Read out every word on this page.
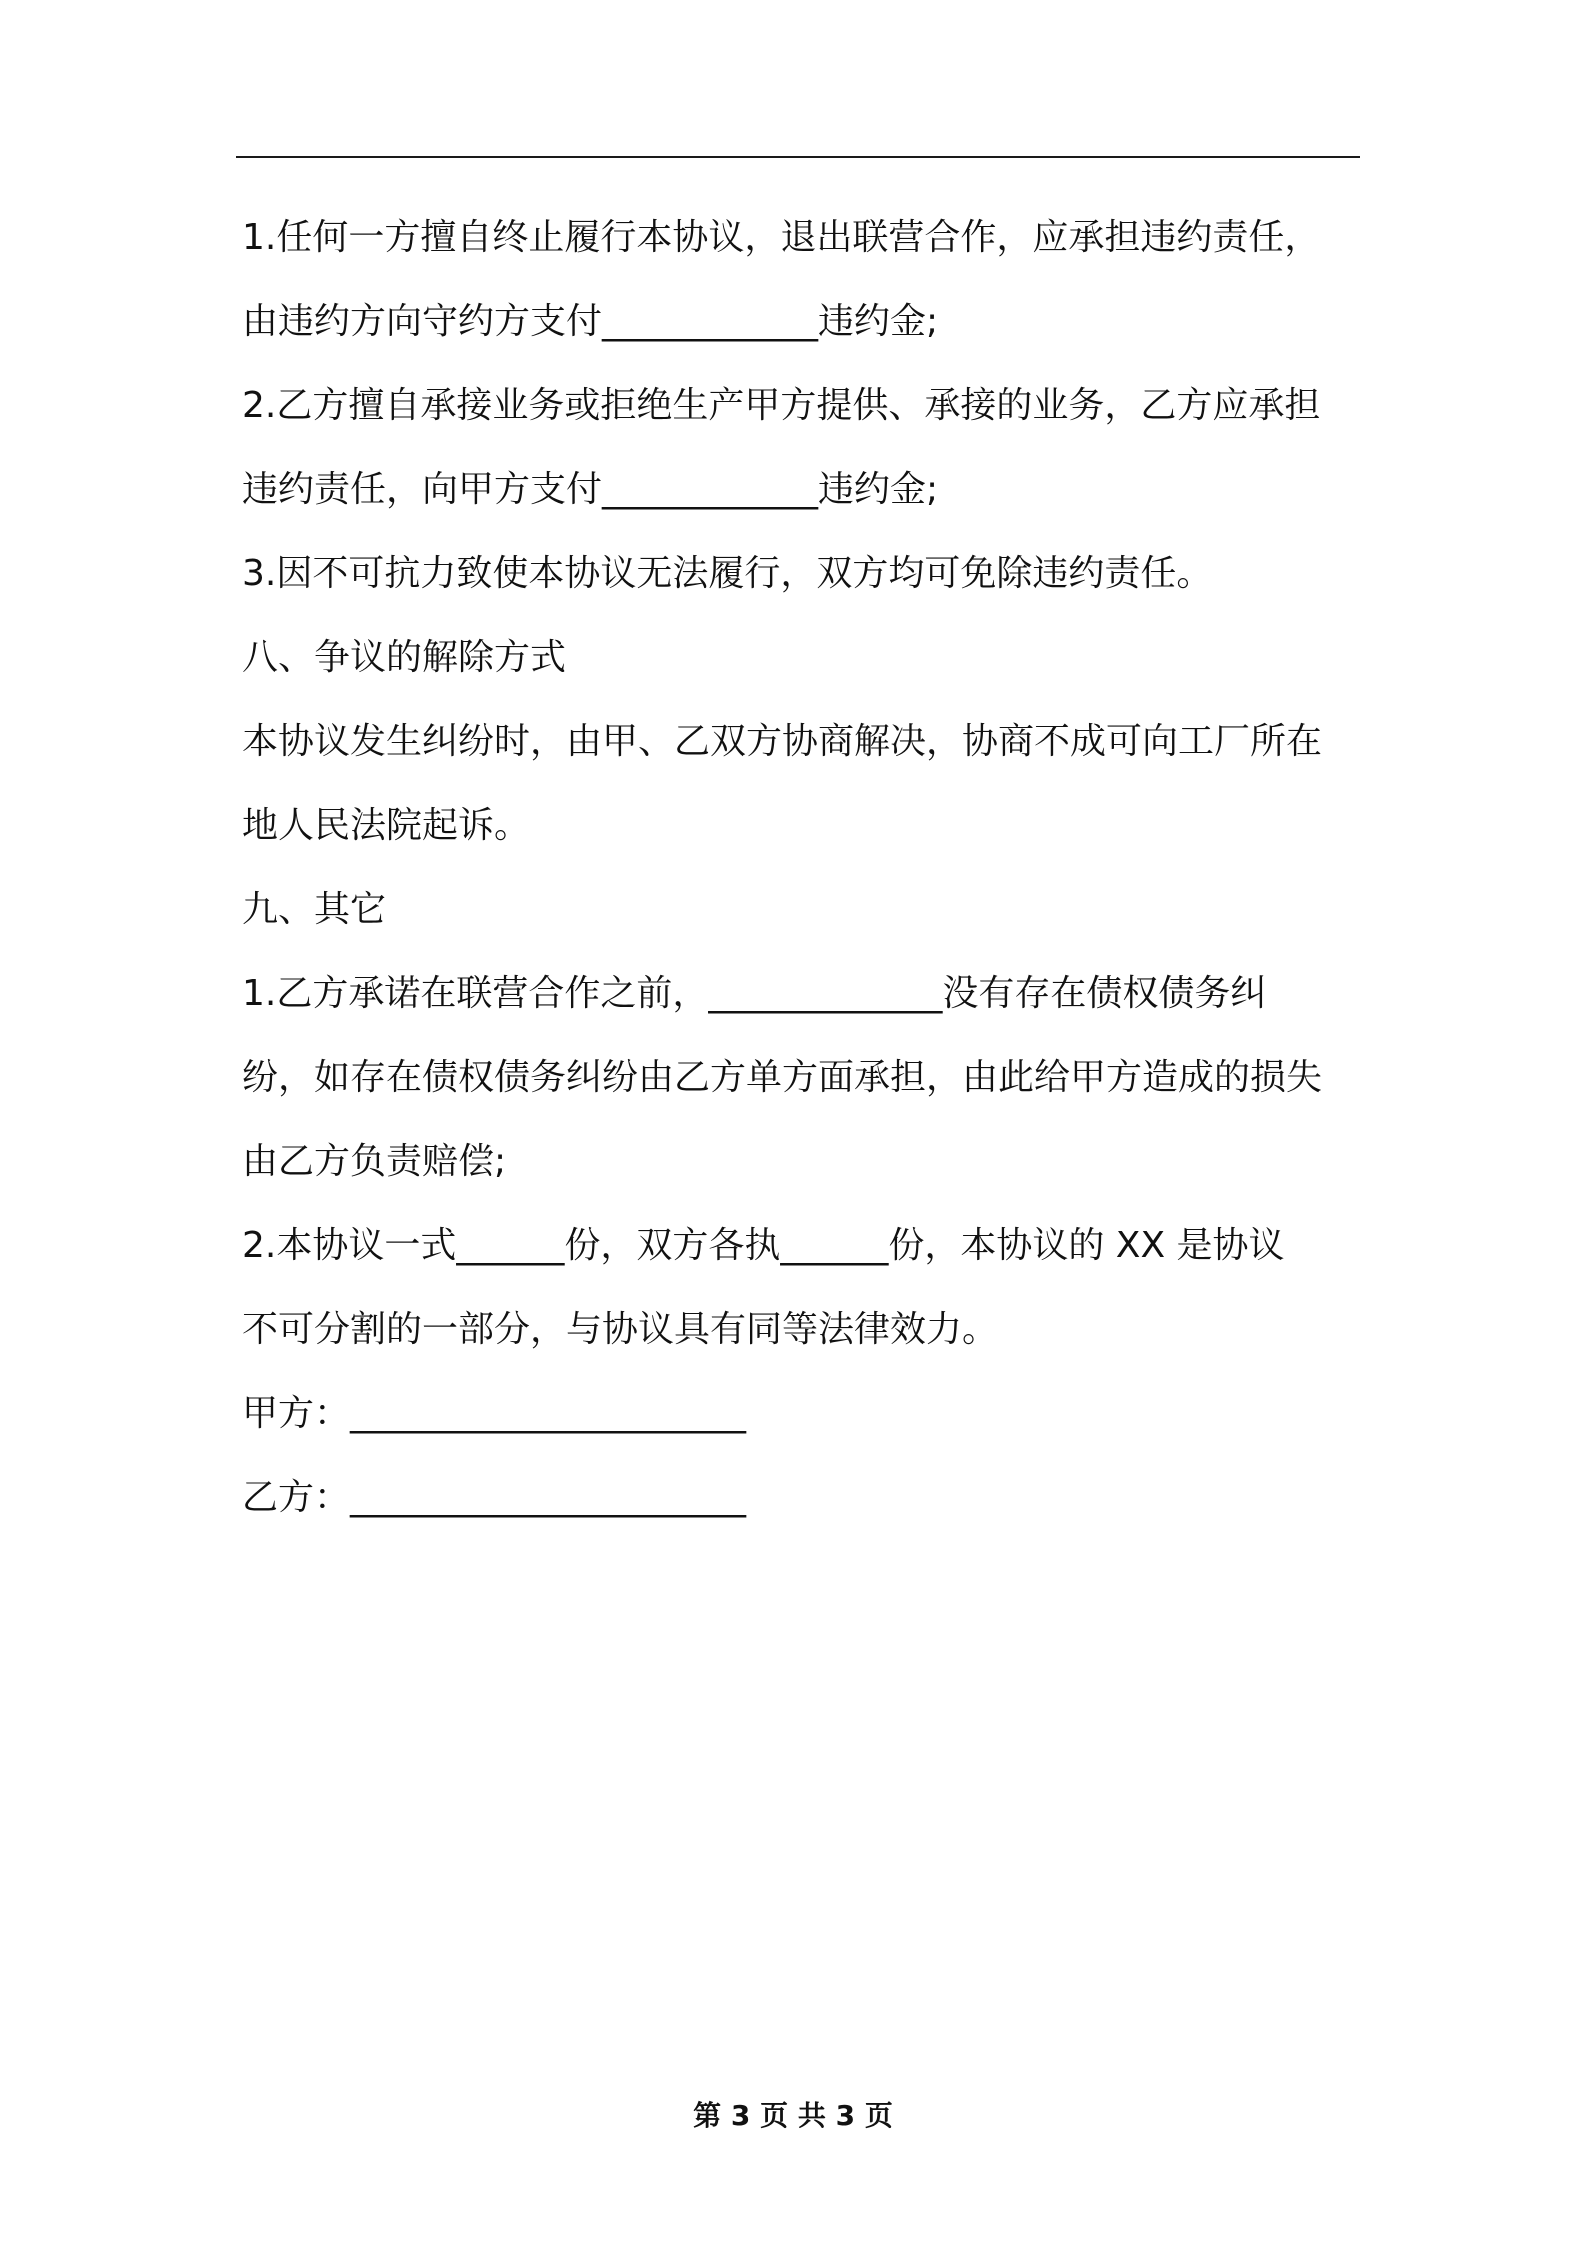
1.任何一方擅自终止履行本协议，退出联营合作，应承担违约责任，
由违约方向守约方支付____________违约金;
2.乙方擅自承接业务或拒绝生产甲方提供、承接的业务，乙方应承担
违约责任，向甲方支付____________违约金;
3.因不可抗力致使本协议无法履行，双方均可免除违约责任。
八、争议的解除方式
本协议发生纠纷时，由甲、乙双方协商解决，协商不成可向工厂所在
地人民法院起诉。
九、其它
1.乙方承诺在联营合作之前，_____________没有存在债权债务纠
纷，如存在债权债务纠纷由乙方单方面承担，由此给甲方造成的损失
由乙方负责赔偿;
2.本协议一式______份，双方各执______份，本协议的 XX 是协议
不可分割的一部分，与协议具有同等法律效力。
甲方：______________________
乙方：______________________
第 3 页 共 3 页
